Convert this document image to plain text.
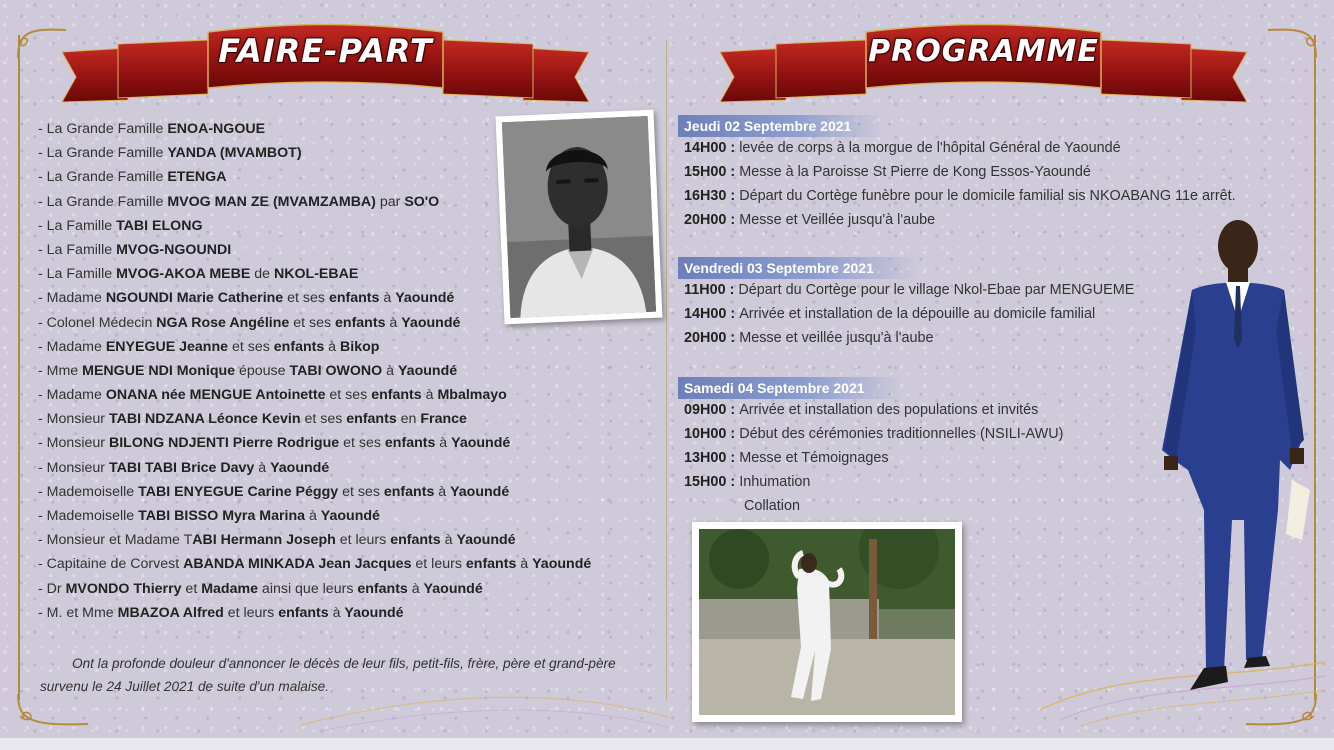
FAIRE-PART	PROGRAMME
- La Grande Famille ENOA-NGOUE
- La Grande Famille YANDA (MVAMBOT)
- La Grande Famille ETENGA
- La Grande Famille MVOG MAN ZE (MVAMZAMBA) par SO'O
- La Famille TABI ELONG
- La Famille MVOG-NGOUNDI
- La Famille MVOG-AKOA MEBE de NKOL-EBAE
- Madame NGOUNDI Marie Catherine et ses enfants à Yaoundé
- Colonel Médecin NGA Rose Angéline et ses enfants à Yaoundé
- Madame ENYEGUE Jeanne et ses enfants à Bikop
- Mme MENGUE NDI Monique épouse TABI OWONO à Yaoundé
- Madame ONANA née MENGUE Antoinette et ses enfants à Mbalmayo
- Monsieur TABI NDZANA Léonce Kevin et ses enfants en France
- Monsieur BILONG NDJENTI Pierre Rodrigue et ses enfants à Yaoundé
- Monsieur TABI TABI Brice Davy à Yaoundé
- Mademoiselle TABI ENYEGUE Carine Péggy et ses enfants à Yaoundé
- Mademoiselle TABI BISSO Myra Marina à Yaoundé
- Monsieur et Madame TABI Hermann Joseph et leurs enfants à Yaoundé
- Capitaine de Corvest ABANDA MINKADA Jean Jacques et leurs enfants à Yaoundé
- Dr MVONDO Thierry et Madame ainsi que leurs enfants à Yaoundé
- M. et Mme MBAZOA Alfred et leurs enfants à Yaoundé
Ont la profonde douleur d'annoncer le décès de leur fils, petit-fils, frère, père et grand-père survenu le 24 Juillet 2021 de suite d'un malaise.
Jeudi 02 Septembre 2021
14H00 : levée de corps à la morgue de l'hôpital Général de Yaoundé
15H00 : Messe à la Paroisse St Pierre de Kong Essos-Yaoundé
16H30 : Départ du Cortège funèbre pour le domicile familial sis NKOABANG 11e arrêt.
20H00 : Messe et Veillée jusqu'à l'aube
Vendredi 03 Septembre 2021
11H00 : Départ du Cortège pour le village Nkol-Ebae par MENGUEME
14H00 : Arrivée et installation de la dépouille au domicile familial
20H00 : Messe et veillée jusqu'à l'aube
Samedi 04 Septembre 2021
09H00 : Arrivée et installation des populations et invités
10H00 : Début des cérémonies traditionnelles (NSILI-AWU)
13H00 : Messe et Témoignages
15H00 : Inhumation
Collation
